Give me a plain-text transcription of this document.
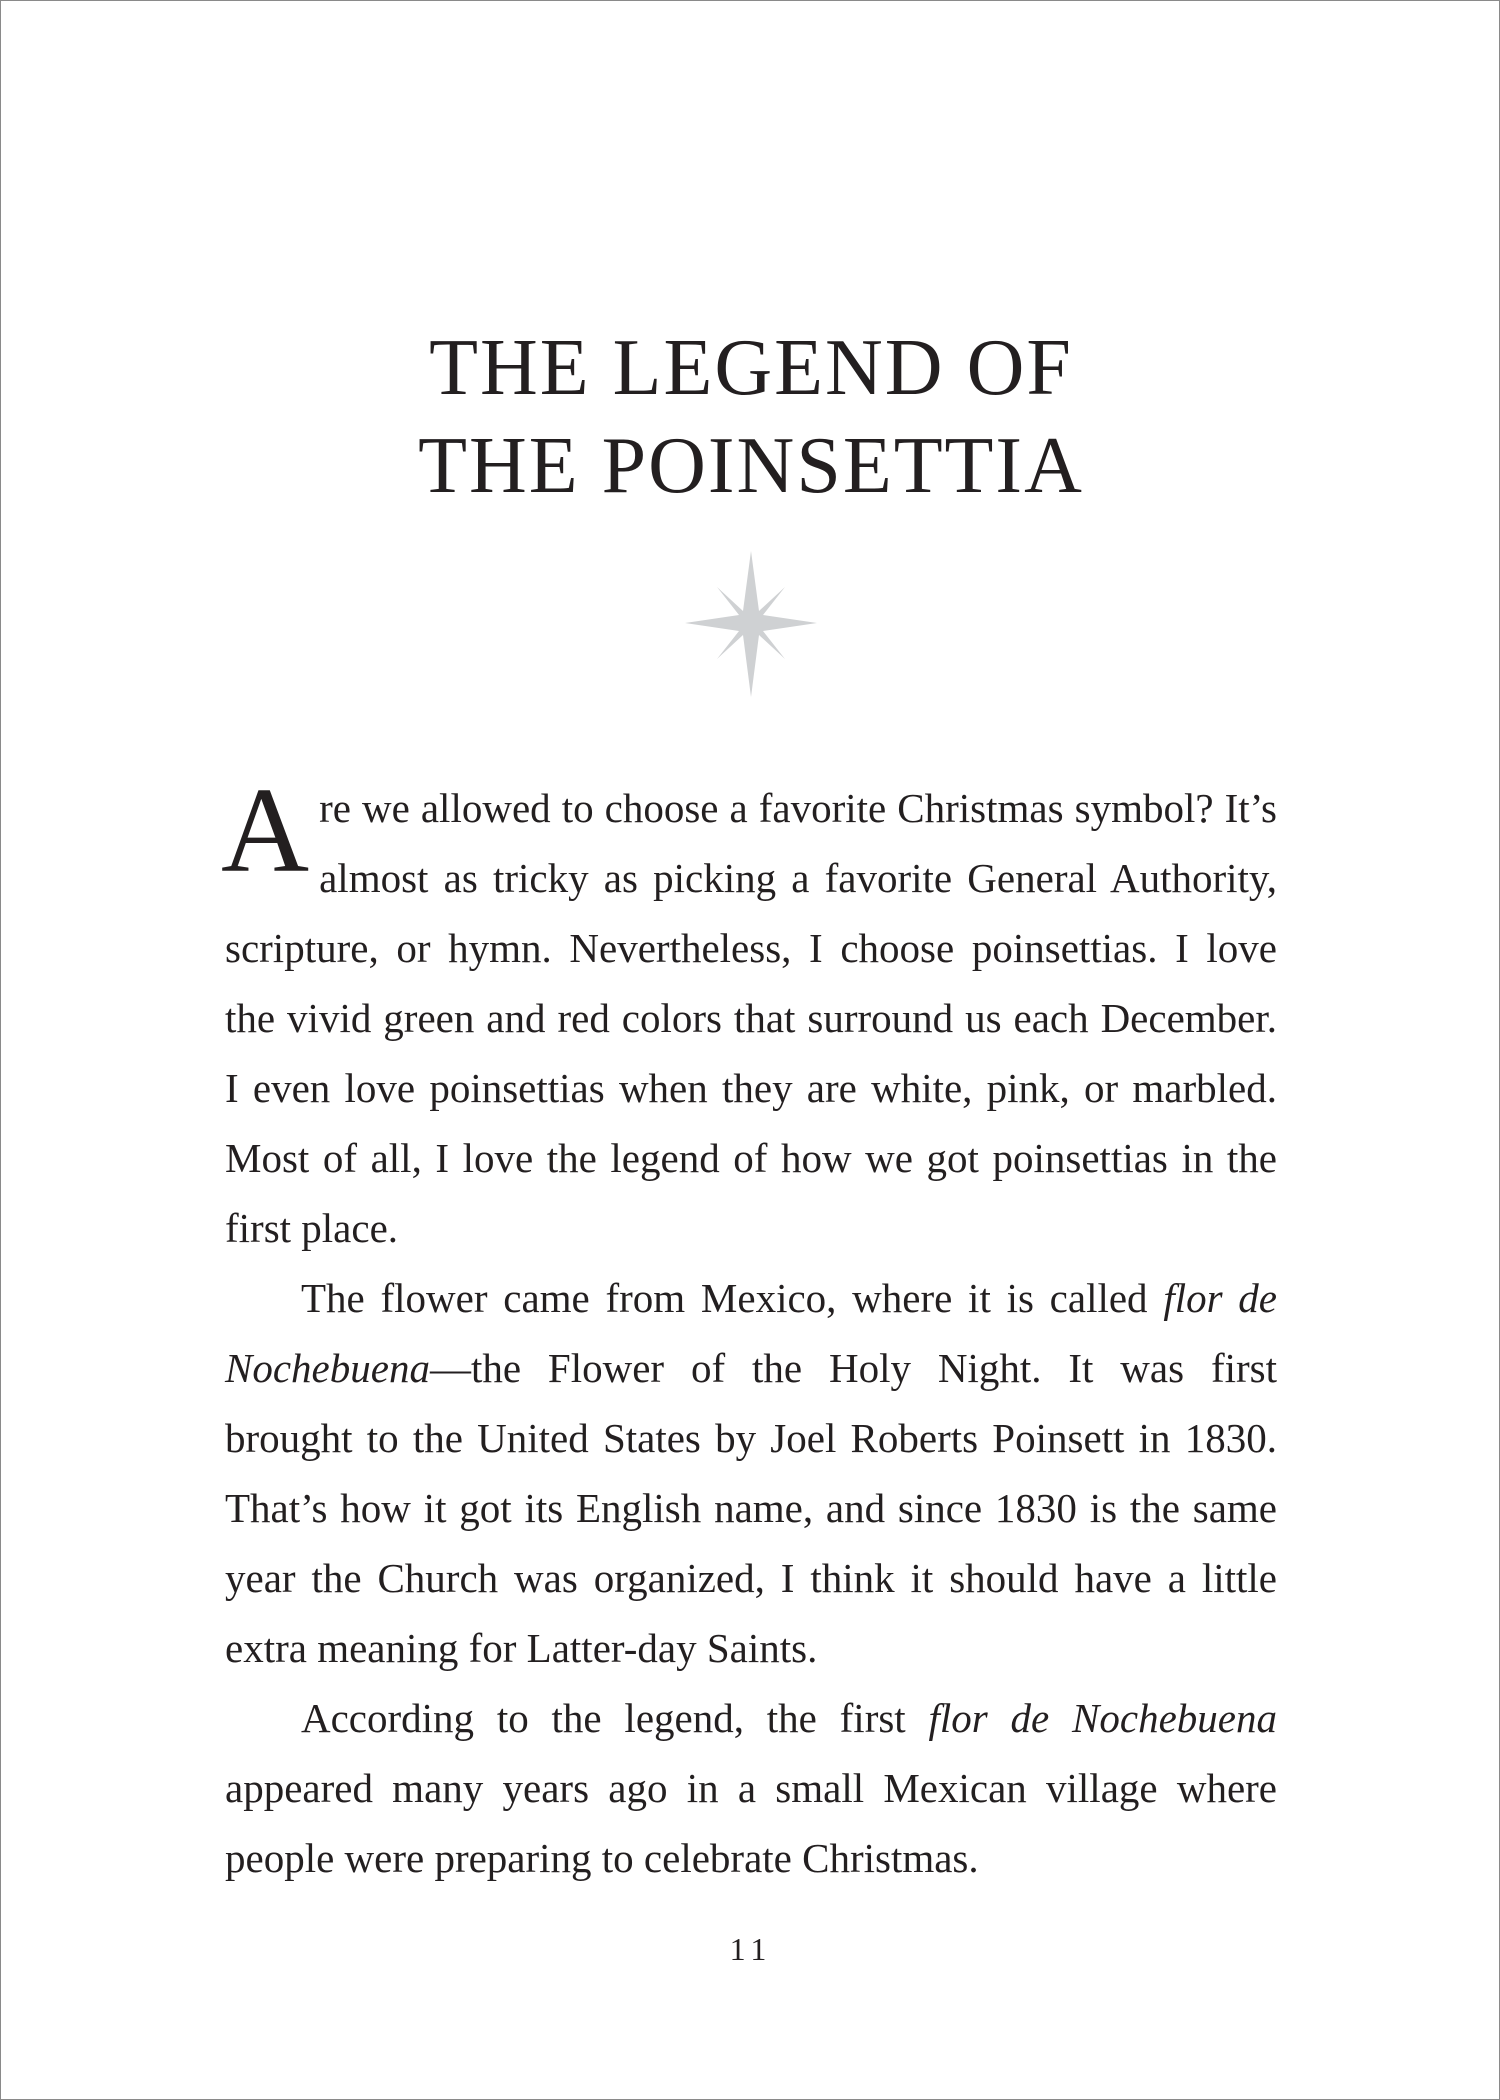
THE LEGEND OF
THE POINSETTIA

Are we allowed to choose a favorite Christmas symbol? It’s almost as tricky as picking a favorite General Authority, scripture, or hymn. Nevertheless, I choose poinsettias. I love the vivid green and red colors that surround us each December. I even love poinsettias when they are white, pink, or marbled. Most of all, I love the legend of how we got poinsettias in the first place.

The flower came from Mexico, where it is called flor de Nochebuena—the Flower of the Holy Night. It was first brought to the United States by Joel Roberts Poinsett in 1830. That’s how it got its English name, and since 1830 is the same year the Church was organized, I think it should have a little extra meaning for Latter-day Saints.

According to the legend, the first flor de Nochebuena appeared many years ago in a small Mexican village where people were preparing to celebrate Christmas.

11
